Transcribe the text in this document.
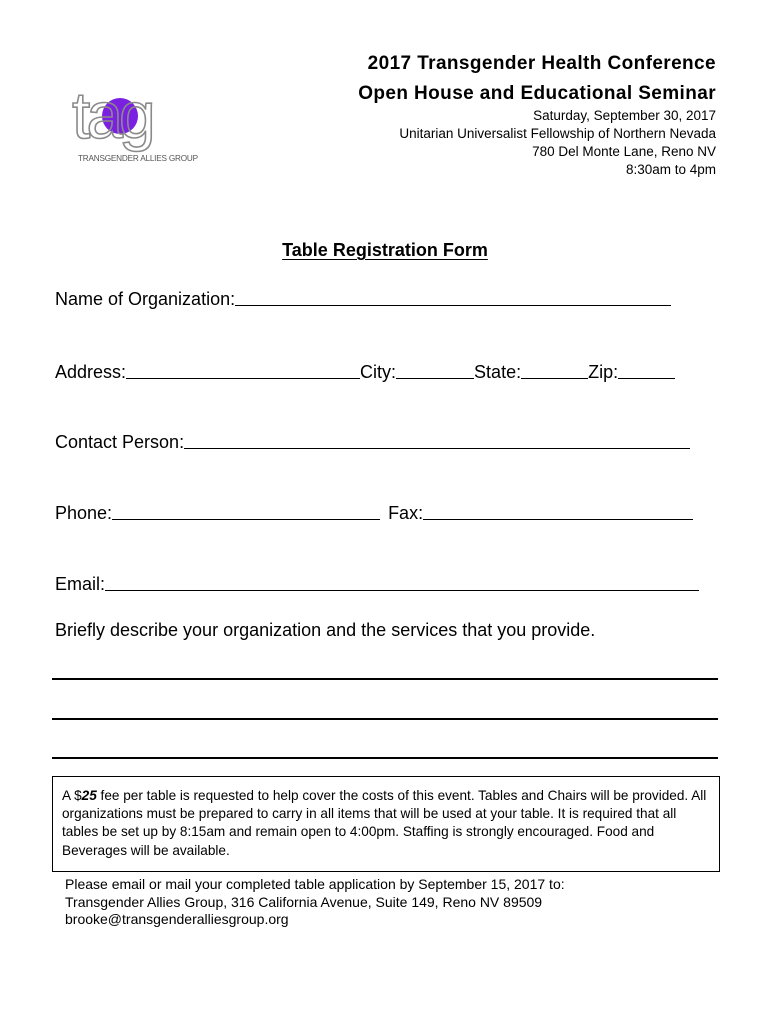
tag
TRANSGENDER ALLIES GROUP
2017 Transgender Health Conference
Open House and Educational Seminar
Saturday, September 30, 2017
Unitarian Universalist Fellowship of Northern Nevada
780 Del Monte Lane, Reno NV
8:30am to 4pm
Table Registration Form
Name of Organization:
Address:	City:	State:	Zip:
Contact Person:
Phone:	Fax:
Email:
Briefly describe your organization and the services that you provide.
A $25 fee per table is requested to help cover the costs of this event. Tables and Chairs will be provided. All organizations must be prepared to carry in all items that will be used at your table. It is required that all tables be set up by 8:15am and remain open to 4:00pm. Staffing is strongly encouraged. Food and Beverages will be available.
Please email or mail your completed table application by September 15, 2017 to:
Transgender Allies Group, 316 California Avenue, Suite 149, Reno NV 89509
brooke@transgenderalliesgroup.org
